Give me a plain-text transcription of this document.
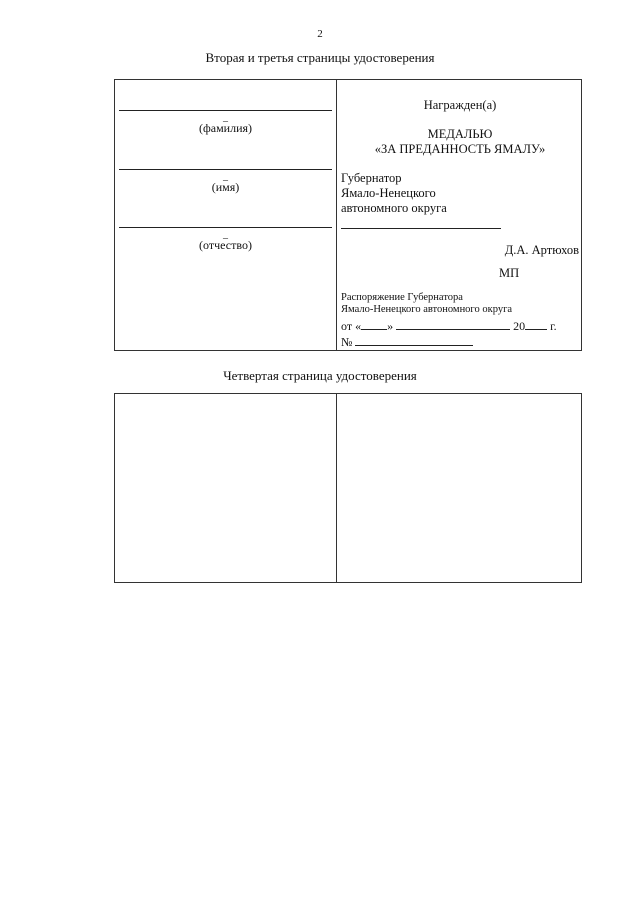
2
Вторая и третья страницы удостоверения
_
(фамилия)
_
(имя)
_
(отчество)
Награжден(а)
МЕДАЛЬЮ
«ЗА ПРЕДАННОСТЬ ЯМАЛУ»
Губернатор
Ямало-Ненецкого
автономного округа
Д.А. Артюхов
МП
Распоряжение Губернатора
Ямало-Ненецкого автономного округа
от « »	20 г.
№
Четвертая страница удостоверения
